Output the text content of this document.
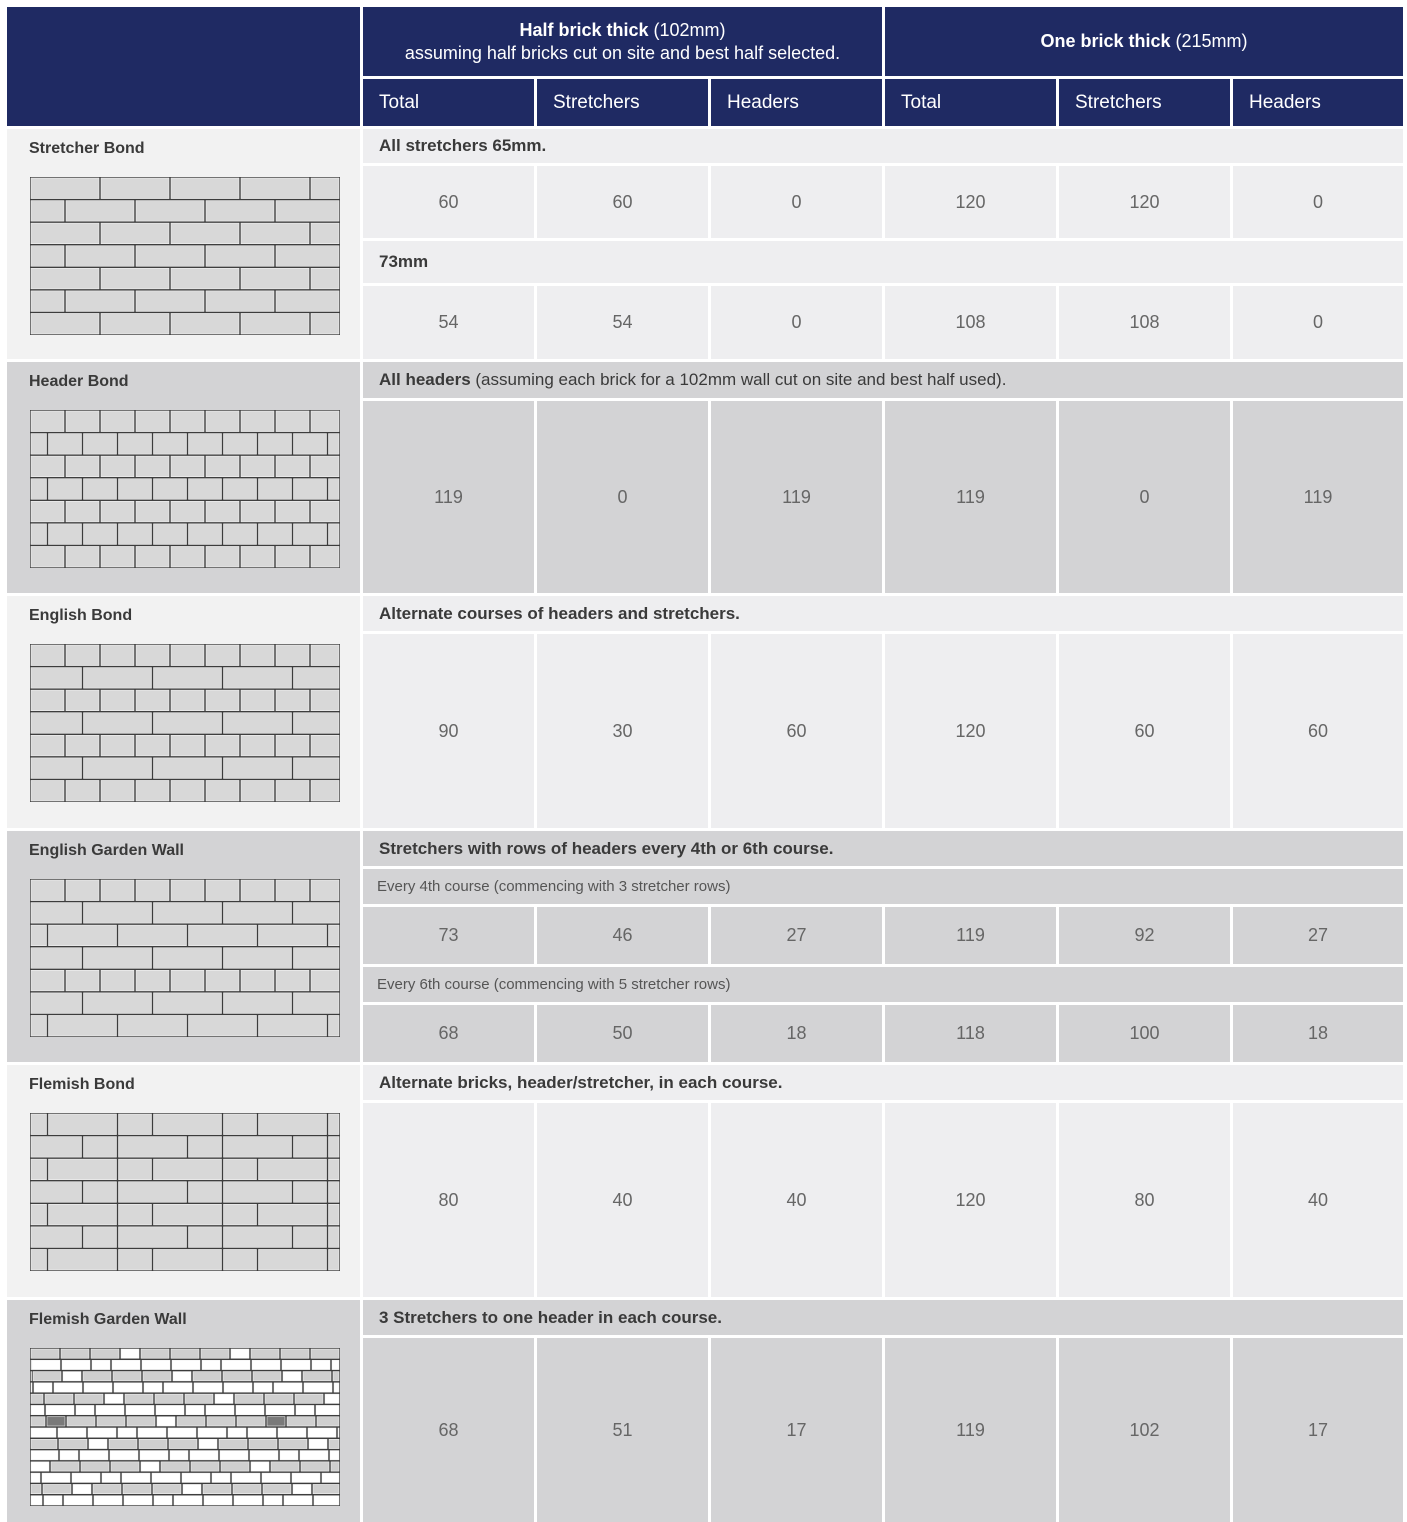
Half brick thick (102mm)
assuming half bricks cut on site and best half selected.
One brick thick (215mm)
Total	Stretchers	Headers	Total	Stretchers	Headers
Stretcher Bond	All stretchers 65mm.
60	60	0	120	120	0
73mm
54	54	0	108	108	0
Header Bond	All headers (assuming each brick for a 102mm wall cut on site and best half used).
119	0	119	119	0	119
English Bond	Alternate courses of headers and stretchers.
90	30	60	120	60	60
English Garden Wall	Stretchers with rows of headers every 4th or 6th course.
Every 4th course (commencing with 3 stretcher rows)
73	46	27	119	92	27
Every 6th course (commencing with 5 stretcher rows)
68	50	18	118	100	18
Flemish Bond	Alternate bricks, header/stretcher, in each course.
80	40	40	120	80	40
Flemish Garden Wall	3 Stretchers to one header in each course.
68	51	17	119	102	17
